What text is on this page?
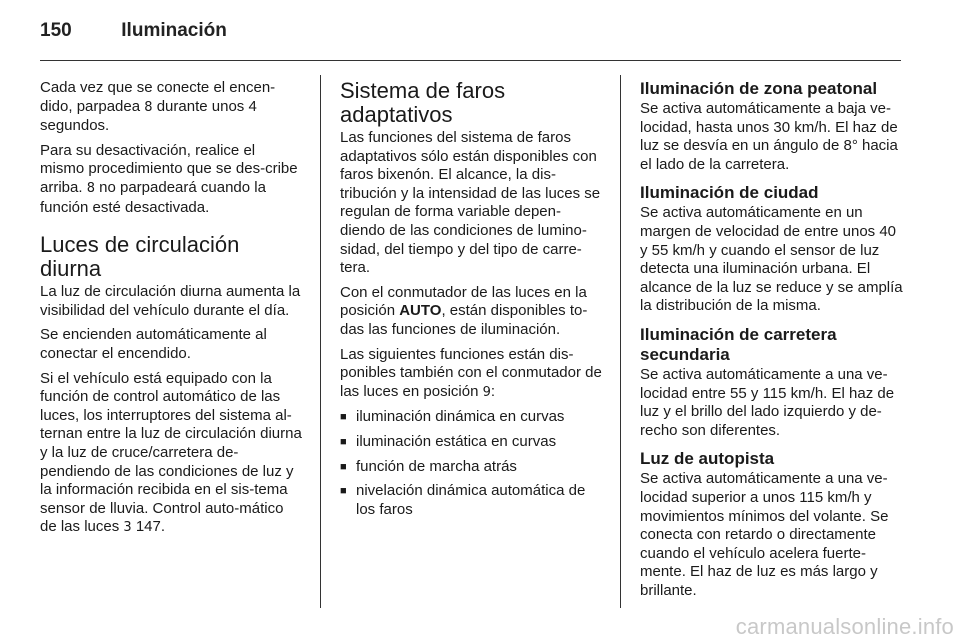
150	Iluminación

Cada vez que se conecte el encen-dido, parpadea 8 durante unos 4 segundos.

Para su desactivación, realice el mismo procedimiento que se des-cribe arriba. 8 no parpadeará cuando la función esté desactivada.

Luces de circulación diurna

La luz de circulación diurna aumenta la visibilidad del vehículo durante el día.

Se encienden automáticamente al conectar el encendido.

Si el vehículo está equipado con la función de control automático de las luces, los interruptores del sistema al-ternan entre la luz de circulación diurna y la luz de cruce/carretera de-pendiendo de las condiciones de luz y la información recibida en el sis-tema sensor de lluvia. Control auto-mático de las luces 3 147.

Sistema de faros adaptativos

Las funciones del sistema de faros adaptativos sólo están disponibles con faros bixenón. El alcance, la dis-tribución y la intensidad de las luces se regulan de forma variable depen-diendo de las condiciones de lumino-sidad, del tiempo y del tipo de carre-tera.

Con el conmutador de las luces en la posición AUTO, están disponibles to-das las funciones de iluminación.

Las siguientes funciones están dis-ponibles también con el conmutador de las luces en posición 9:

■ iluminación dinámica en curvas
■ iluminación estática en curvas
■ función de marcha atrás
■ nivelación dinámica automática de los faros
Iluminación de zona peatonal

Se activa automáticamente a baja ve-locidad, hasta unos 30 km/h. El haz de luz se desvía en un ángulo de 8° hacia el lado de la carretera.

Iluminación de ciudad

Se activa automáticamente en un margen de velocidad de entre unos 40 y 55 km/h y cuando el sensor de luz detecta una iluminación urbana. El alcance de la luz se reduce y se amplía la distribución de la misma.

Iluminación de carretera secundaria

Se activa automáticamente a una ve-locidad entre 55 y 115 km/h. El haz de luz y el brillo del lado izquierdo y de-recho son diferentes.

Luz de autopista

Se activa automáticamente a una ve-locidad superior a unos 115 km/h y movimientos mínimos del volante. Se conecta con retardo o directamente cuando el vehículo acelera fuerte-mente. El haz de luz es más largo y brillante.

carmanualsonline.info
